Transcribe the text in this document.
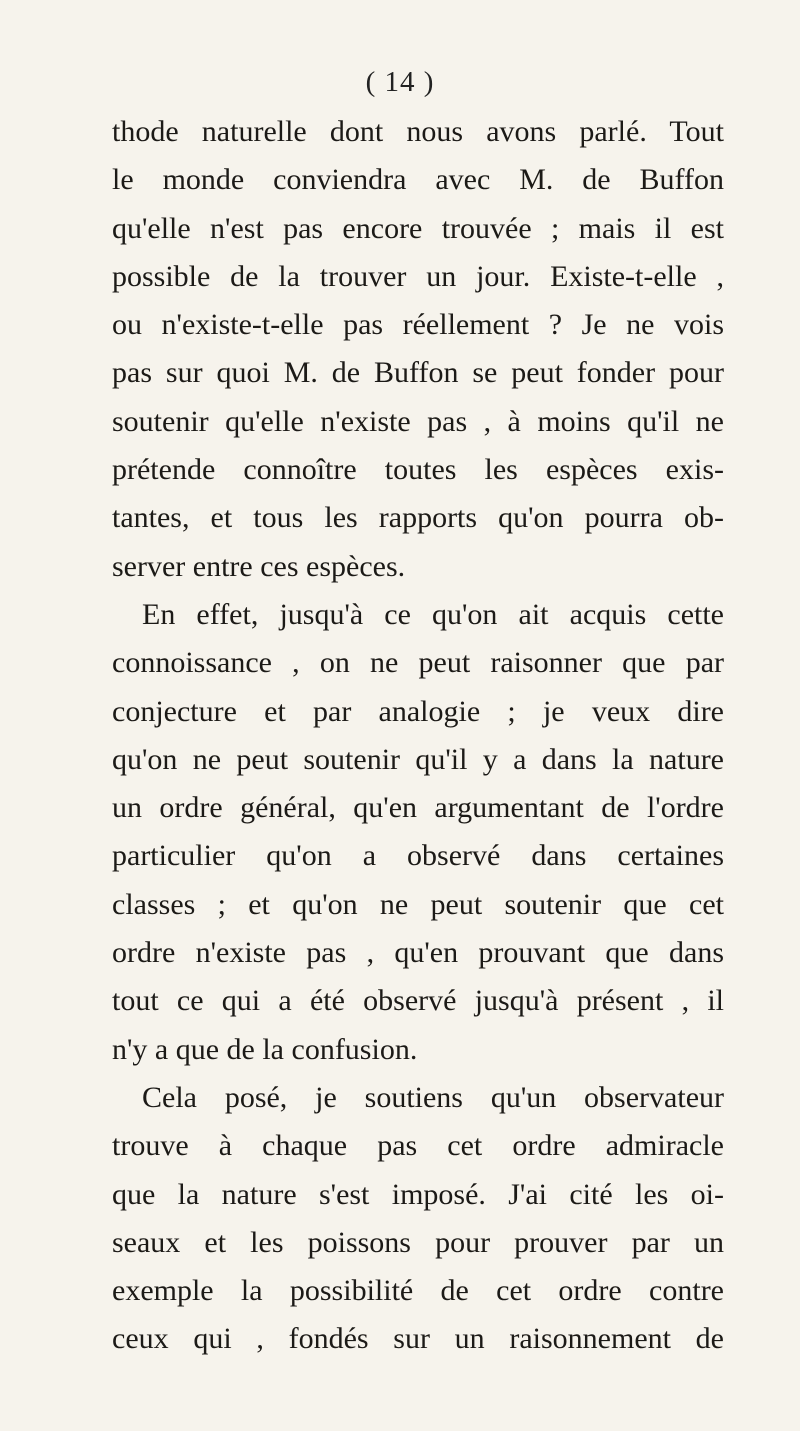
( 14 )
thode naturelle dont nous avons parlé. Tout
le monde conviendra avec M. de Buffon
qu'elle n'est pas encore trouvée ; mais il est
possible de la trouver un jour. Existe-t-elle ,
ou n'existe-t-elle pas réellement ? Je ne vois
pas sur quoi M. de Buffon se peut fonder pour
soutenir qu'elle n'existe pas , à moins qu'il ne
prétende connoître toutes les espèces exis-
tantes, et tous les rapports qu'on pourra ob-
server entre ces espèces.
En effet, jusqu'à ce qu'on ait acquis cette
connoissance , on ne peut raisonner que par
conjecture et par analogie ; je veux dire
qu'on ne peut soutenir qu'il y a dans la nature
un ordre général, qu'en argumentant de l'ordre
particulier qu'on a observé dans certaines
classes ; et qu'on ne peut soutenir que cet
ordre n'existe pas , qu'en prouvant que dans
tout ce qui a été observé jusqu'à présent , il
n'y a que de la confusion.
Cela posé, je soutiens qu'un observateur
trouve à chaque pas cet ordre admiracle
que la nature s'est imposé. J'ai cité les oi-
seaux et les poissons pour prouver par un
exemple la possibilité de cet ordre contre
ceux qui , fondés sur un raisonnement de
